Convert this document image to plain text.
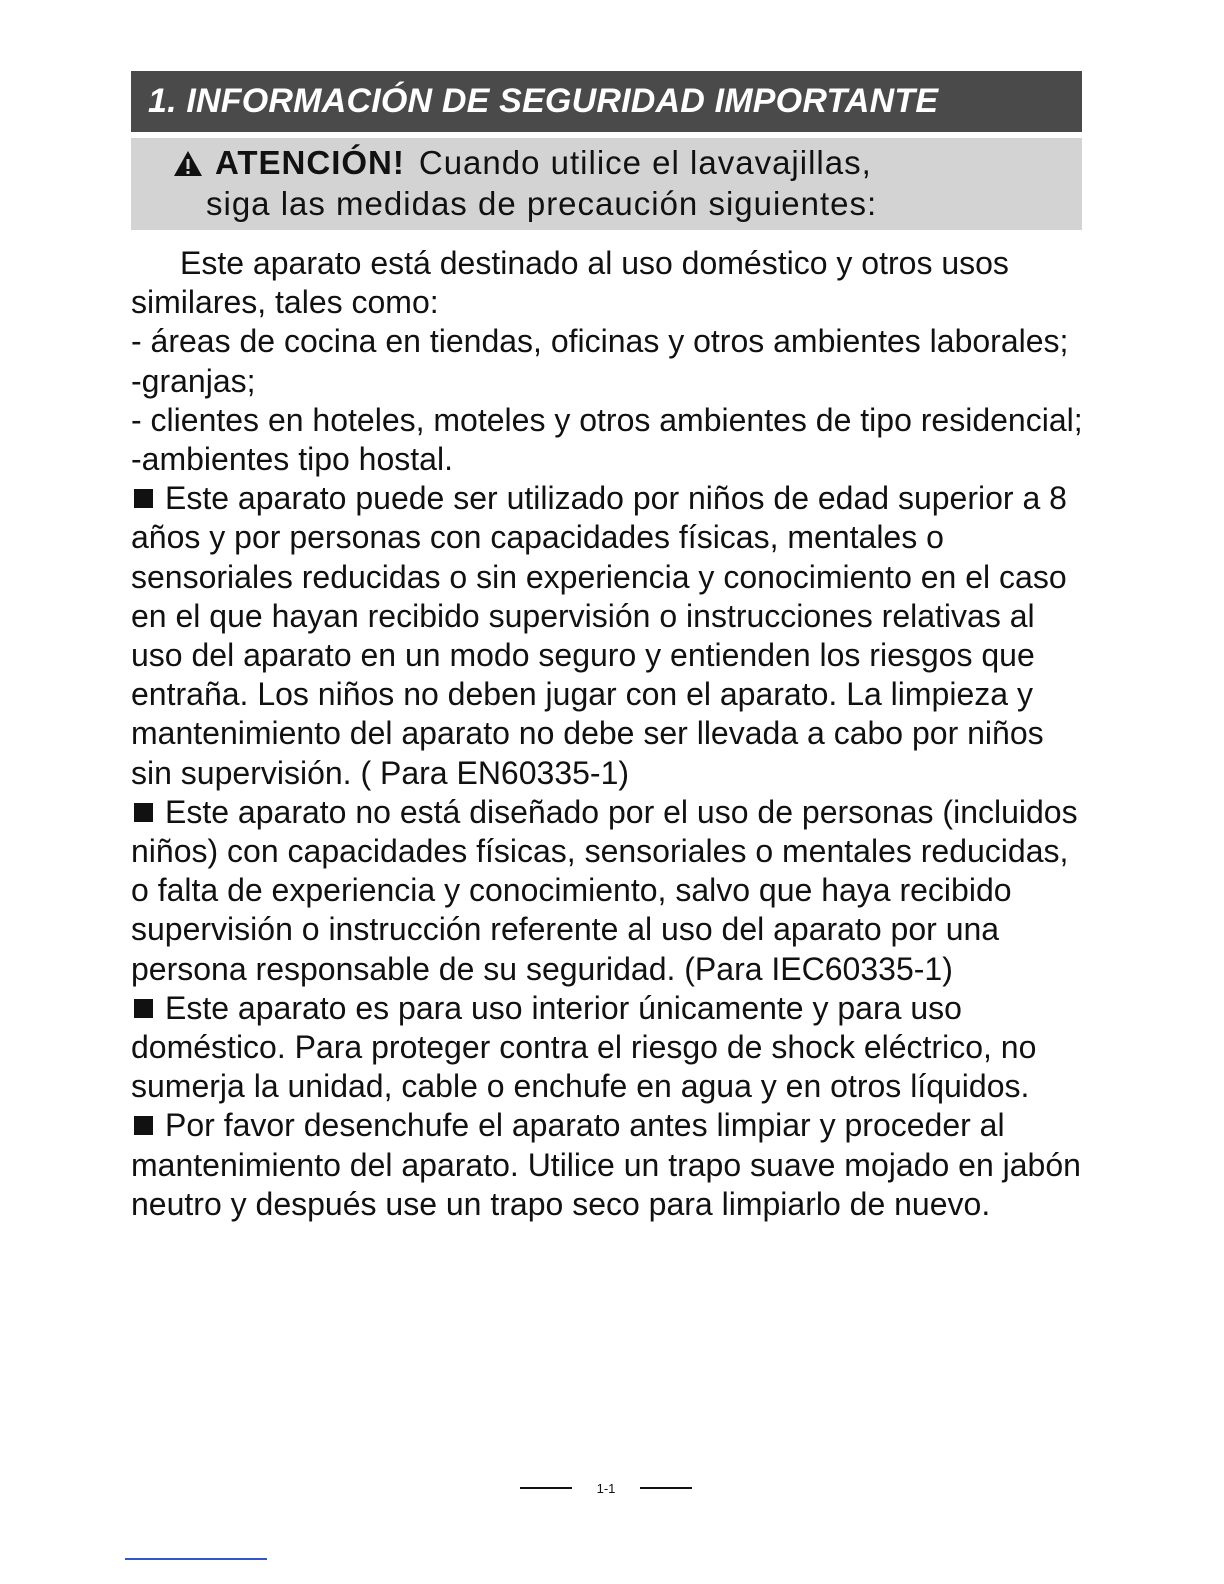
1. INFORMACIÓN DE SEGURIDAD IMPORTANTE
ATENCIÓN! Cuando utilice el lavavajillas,
siga las medidas de precaución siguientes:

Este aparato está destinado al uso doméstico y otros usos similares, tales como:

- áreas de cocina en tiendas, oficinas y otros ambientes laborales;

-granjas;

- clientes en hoteles, moteles y otros ambientes de tipo residencial;

-ambientes tipo hostal.

Este aparato puede ser utilizado por niños de edad superior a 8 años y por personas con capacidades físicas, mentales o sensoriales reducidas o sin experiencia y conocimiento en el caso en el que hayan recibido supervisión o instrucciones relativas al uso del aparato en un modo seguro y entienden los riesgos que entraña. Los niños no deben jugar con el aparato. La limpieza y mantenimiento del aparato no debe ser llevada a cabo por niños sin supervisión. ( Para EN60335-1)

Este aparato no está diseñado por el uso de personas (incluidos niños) con capacidades físicas, sensoriales o mentales reducidas, o falta de experiencia y conocimiento, salvo que haya recibido supervisión o instrucción referente al uso del aparato por una persona responsable de su seguridad. (Para IEC60335-1)

Este aparato es para uso interior únicamente y para uso doméstico. Para proteger contra el riesgo de shock eléctrico, no sumerja la unidad, cable o enchufe en agua y en otros líquidos.

Por favor desenchufe el aparato antes limpiar y proceder al mantenimiento del aparato. Utilice un trapo suave mojado en jabón neutro y después use un trapo seco para limpiarlo de nuevo.

1-1
